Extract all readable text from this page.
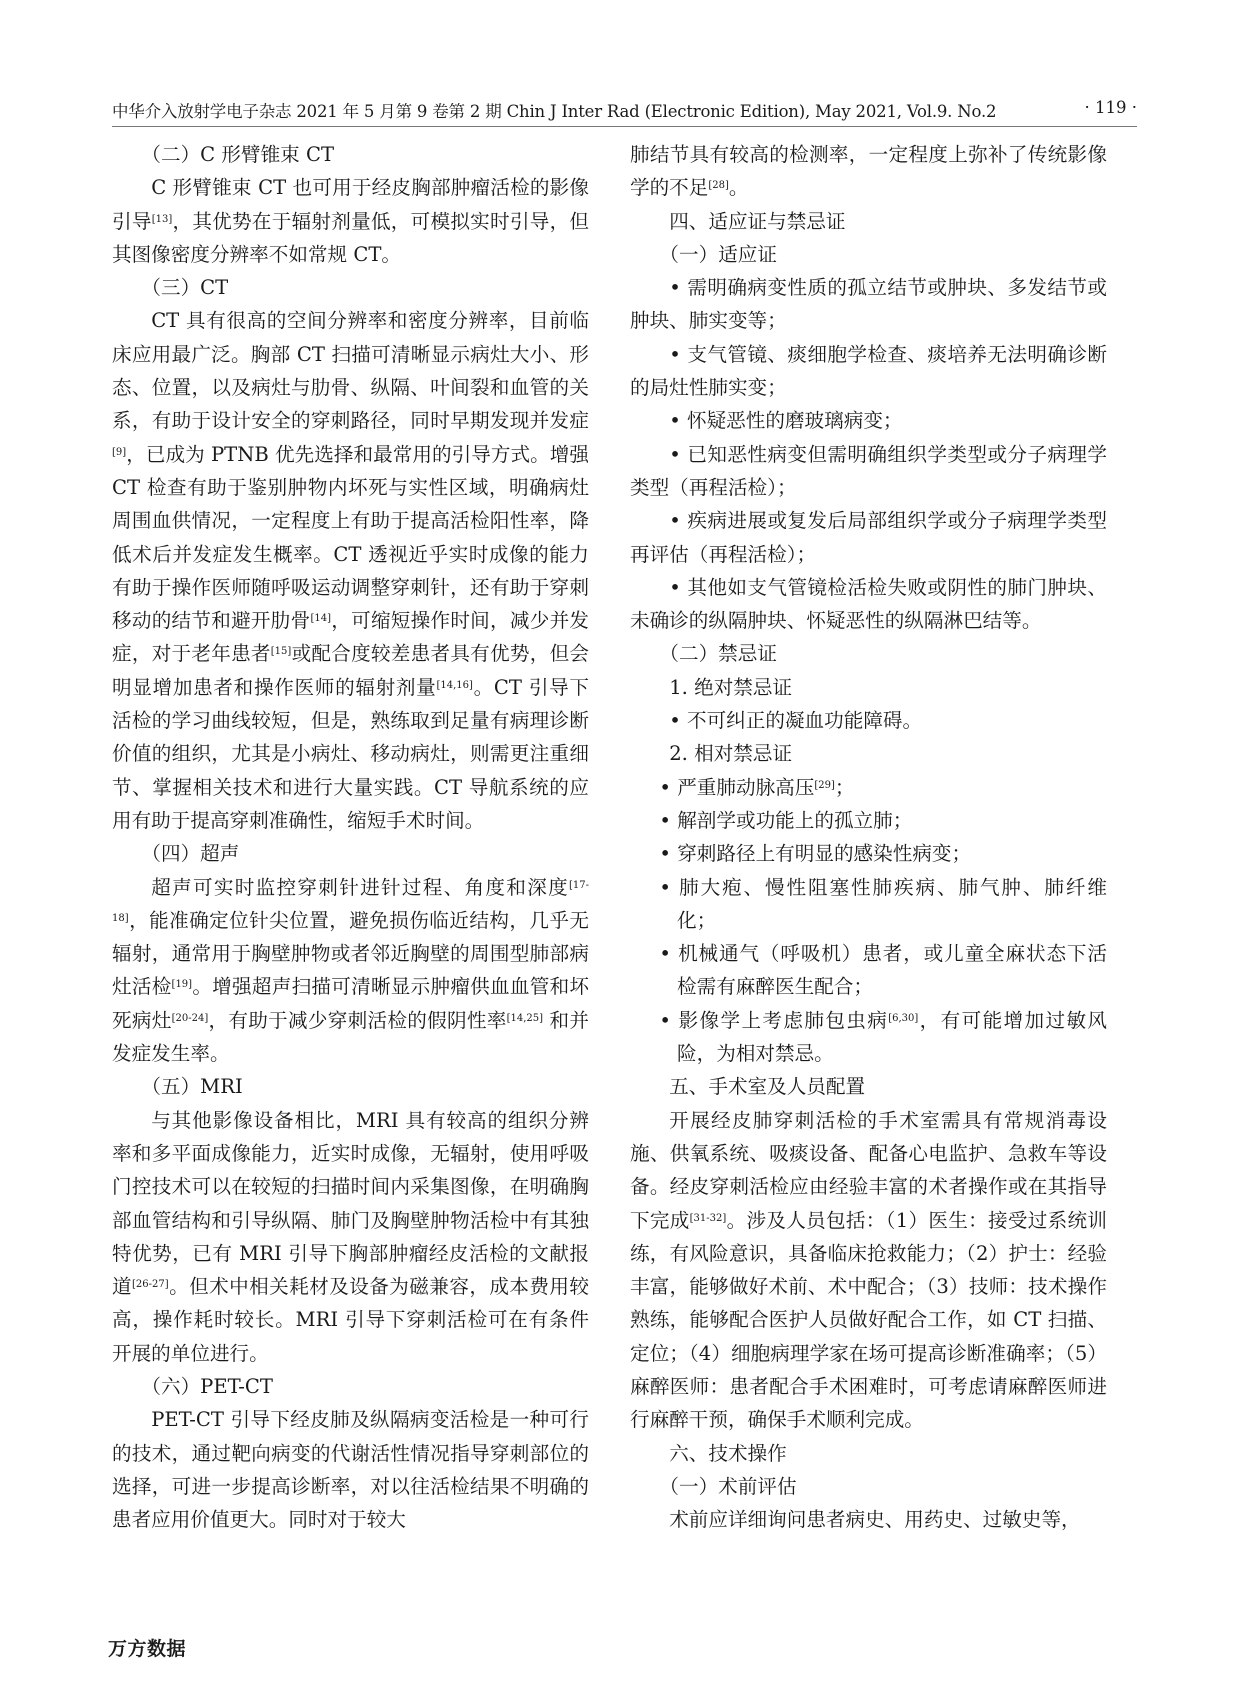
中华介入放射学电子杂志 2021 年 5 月第 9 卷第 2 期 Chin J Inter Rad (Electronic Edition), May 2021, Vol.9. No.2	· 119 ·

（二）C 形臂锥束 CT

C 形臂锥束 CT 也可用于经皮胸部肿瘤活检的影像引导[13]，其优势在于辐射剂量低，可模拟实时引导，但其图像密度分辨率不如常规 CT。

（三）CT

CT 具有很高的空间分辨率和密度分辨率，目前临床应用最广泛。胸部 CT 扫描可清晰显示病灶大小、形态、位置，以及病灶与肋骨、纵隔、叶间裂和血管的关系，有助于设计安全的穿刺路径，同时早期发现并发症[9]，已成为 PTNB 优先选择和最常用的引导方式。增强 CT 检查有助于鉴别肿物内坏死与实性区域，明确病灶周围血供情况，一定程度上有助于提高活检阳性率，降低术后并发症发生概率。CT 透视近乎实时成像的能力有助于操作医师随呼吸运动调整穿刺针，还有助于穿刺移动的结节和避开肋骨[14]，可缩短操作时间，减少并发症，对于老年患者[15]或配合度较差患者具有优势，但会明显增加患者和操作医师的辐射剂量[14,16]。CT 引导下活检的学习曲线较短，但是，熟练取到足量有病理诊断价值的组织，尤其是小病灶、移动病灶，则需更注重细节、掌握相关技术和进行大量实践。CT 导航系统的应用有助于提高穿刺准确性，缩短手术时间。

（四）超声

超声可实时监控穿刺针进针过程、角度和深度[17-18]，能准确定位针尖位置，避免损伤临近结构，几乎无辐射，通常用于胸壁肿物或者邻近胸壁的周围型肺部病灶活检[19]。增强超声扫描可清晰显示肿瘤供血血管和坏死病灶[20-24]，有助于减少穿刺活检的假阴性率[14,25] 和并发症发生率。

（五）MRI

与其他影像设备相比，MRI 具有较高的组织分辨率和多平面成像能力，近实时成像，无辐射，使用呼吸门控技术可以在较短的扫描时间内采集图像，在明确胸部血管结构和引导纵隔、肺门及胸壁肿物活检中有其独特优势，已有 MRI 引导下胸部肿瘤经皮活检的文献报道[26-27]。但术中相关耗材及设备为磁兼容，成本费用较高，操作耗时较长。MRI 引导下穿刺活检可在有条件开展的单位进行。

（六）PET-CT

PET-CT 引导下经皮肺及纵隔病变活检是一种可行的技术，通过靶向病变的代谢活性情况指导穿刺部位的选择，可进一步提高诊断率，对以往活检结果不明确的患者应用价值更大。同时对于较大

肺结节具有较高的检测率，一定程度上弥补了传统影像学的不足[28]。

四、适应证与禁忌证

（一）适应证

• 需明确病变性质的孤立结节或肿块、多发结节或肿块、肺实变等；

• 支气管镜、痰细胞学检查、痰培养无法明确诊断的局灶性肺实变；

• 怀疑恶性的磨玻璃病变；

• 已知恶性病变但需明确组织学类型或分子病理学类型（再程活检）；

• 疾病进展或复发后局部组织学或分子病理学类型再评估（再程活检）；

• 其他如支气管镜检活检失败或阴性的肺门肿块、未确诊的纵隔肿块、怀疑恶性的纵隔淋巴结等。

（二）禁忌证

1. 绝对禁忌证

• 不可纠正的凝血功能障碍。

2. 相对禁忌证

• 严重肺动脉高压[29]；

• 解剖学或功能上的孤立肺；

• 穿刺路径上有明显的感染性病变；

• 肺大疱、慢性阻塞性肺疾病、肺气肿、肺纤维化；

• 机械通气（呼吸机）患者，或儿童全麻状态下活检需有麻醉医生配合；

• 影像学上考虑肺包虫病[6,30]，有可能增加过敏风险，为相对禁忌。

五、手术室及人员配置

开展经皮肺穿刺活检的手术室需具有常规消毒设施、供氧系统、吸痰设备、配备心电监护、急救车等设备。经皮穿刺活检应由经验丰富的术者操作或在其指导下完成[31-32]。涉及人员包括：（1）医生：接受过系统训练，有风险意识，具备临床抢救能力；（2）护士：经验丰富，能够做好术前、术中配合；（3）技师：技术操作熟练，能够配合医护人员做好配合工作，如 CT 扫描、定位；（4）细胞病理学家在场可提高诊断准确率；（5）麻醉医师：患者配合手术困难时，可考虑请麻醉医师进行麻醉干预，确保手术顺利完成。

六、技术操作

（一）术前评估

术前应详细询问患者病史、用药史、过敏史等，

万方数据
